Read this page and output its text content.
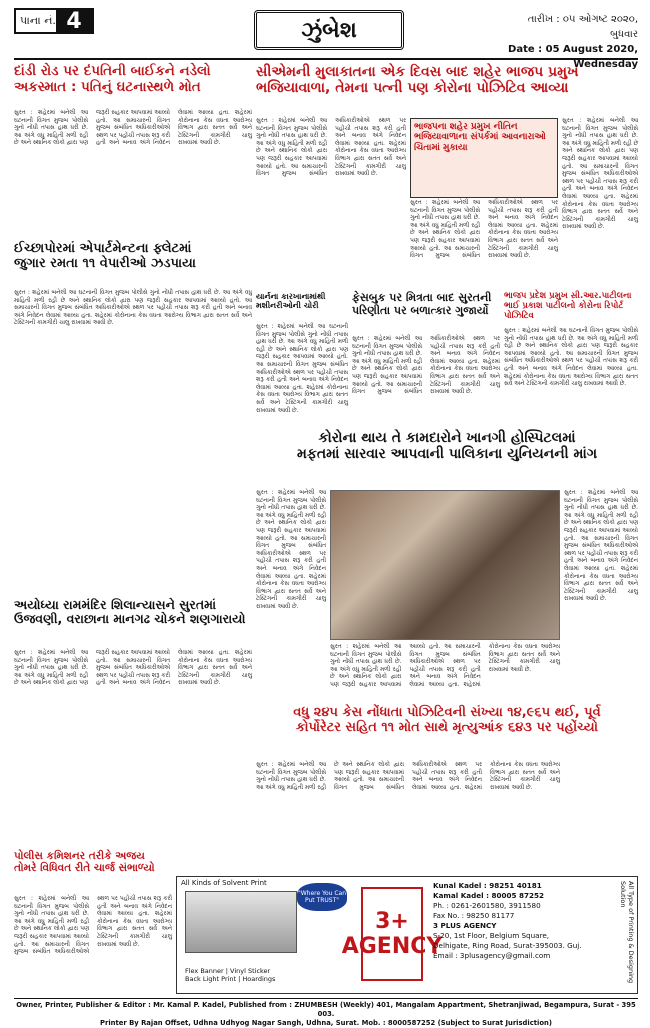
પાના નં. 4	ઝુંબેશ	તારીખ : ૦૫ ઓગષ્ટ ૨૦૨૦, બુધવાર
Date : 05 August 2020, Wednesday
દાંડી રોડ પર દંપતિની બાઈકને નડેલો
અકસ્માત : પતિનું ઘટનાસ્થળે મોત
સુરત : શહેરમાં બનેલી આ ઘટનાની વિગત મુજબ પોલીસે ગુનો નોંધી તપાસ હાથ ધરી છે. આ અંગે વધુ માહિતી મળી રહી છે અને સ્થાનિક લોકો દ્વારા પણ જરૂરી સહકાર આપવામાં આવ્યો હતો. આ સમાચારની વિગત મુજબ સંબંધિત અધિકારીઓએ સ્થળ પર પહોંચી તપાસ શરૂ કરી હતી અને બનાવ અંગે નિવેદન લેવામાં આવ્યા હતા. શહેરમાં કોરોનાના કેસ વધતા આરોગ્ય વિભાગ દ્વારા સતત સર્વે અને ટેસ્ટિંગની કામગીરી ચાલુ રાખવામાં આવી છે.
સીએમની મુલાકાતના એક દિવસ બાદ શહેર ભાજપ પ્રમુખ
ભજિયાવાળા, તેમના પત્ની પણ કોરોના પોઝિટિવ આવ્યા
સુરત : શહેરમાં બનેલી આ ઘટનાની વિગત મુજબ પોલીસે ગુનો નોંધી તપાસ હાથ ધરી છે. આ અંગે વધુ માહિતી મળી રહી છે અને સ્થાનિક લોકો દ્વારા પણ જરૂરી સહકાર આપવામાં આવ્યો હતો. આ સમાચારની વિગત મુજબ સંબંધિત અધિકારીઓએ સ્થળ પર પહોંચી તપાસ શરૂ કરી હતી અને બનાવ અંગે નિવેદન લેવામાં આવ્યા હતા. શહેરમાં કોરોનાના કેસ વધતા આરોગ્ય વિભાગ દ્વારા સતત સર્વે અને ટેસ્ટિંગની કામગીરી ચાલુ રાખવામાં આવી છે.
ભાજપના શહેર પ્રમુખ નીતિન ભજિયાવાળાના સંપર્કમાં આવનારાઓ ચિંતામાં મુકાયા
સુરત : શહેરમાં બનેલી આ ઘટનાની વિગત મુજબ પોલીસે ગુનો નોંધી તપાસ હાથ ધરી છે. આ અંગે વધુ માહિતી મળી રહી છે અને સ્થાનિક લોકો દ્વારા પણ જરૂરી સહકાર આપવામાં આવ્યો હતો. આ સમાચારની વિગત મુજબ સંબંધિત અધિકારીઓએ સ્થળ પર પહોંચી તપાસ શરૂ કરી હતી અને બનાવ અંગે નિવેદન લેવામાં આવ્યા હતા. શહેરમાં કોરોનાના કેસ વધતા આરોગ્ય વિભાગ દ્વારા સતત સર્વે અને ટેસ્ટિંગની કામગીરી ચાલુ રાખવામાં આવી છે.
સુરત : શહેરમાં બનેલી આ ઘટનાની વિગત મુજબ પોલીસે ગુનો નોંધી તપાસ હાથ ધરી છે. આ અંગે વધુ માહિતી મળી રહી છે અને સ્થાનિક લોકો દ્વારા પણ જરૂરી સહકાર આપવામાં આવ્યો હતો. આ સમાચારની વિગત મુજબ સંબંધિત અધિકારીઓએ સ્થળ પર પહોંચી તપાસ શરૂ કરી હતી અને બનાવ અંગે નિવેદન લેવામાં આવ્યા હતા. શહેરમાં કોરોનાના કેસ વધતા આરોગ્ય વિભાગ દ્વારા સતત સર્વે અને ટેસ્ટિંગની કામગીરી ચાલુ રાખવામાં આવી છે.
ઈચ્છાપોરમાં એપાર્ટમેન્ટના ફ્લેટમાં
જુગાર રમતા ૧૧ વેપારીઓ ઝડપાયા
સુરત : શહેરમાં બનેલી આ ઘટનાની વિગત મુજબ પોલીસે ગુનો નોંધી તપાસ હાથ ધરી છે. આ અંગે વધુ માહિતી મળી રહી છે અને સ્થાનિક લોકો દ્વારા પણ જરૂરી સહકાર આપવામાં આવ્યો હતો. આ સમાચારની વિગત મુજબ સંબંધિત અધિકારીઓએ સ્થળ પર પહોંચી તપાસ શરૂ કરી હતી અને બનાવ અંગે નિવેદન લેવામાં આવ્યા હતા. શહેરમાં કોરોનાના કેસ વધતા આરોગ્ય વિભાગ દ્વારા સતત સર્વે અને ટેસ્ટિંગની કામગીરી ચાલુ રાખવામાં આવી છે.
યાર્નના કારખાનામાંથી
મશીનરીઓની ચોરી
સુરત : શહેરમાં બનેલી આ ઘટનાની વિગત મુજબ પોલીસે ગુનો નોંધી તપાસ હાથ ધરી છે. આ અંગે વધુ માહિતી મળી રહી છે અને સ્થાનિક લોકો દ્વારા પણ જરૂરી સહકાર આપવામાં આવ્યો હતો. આ સમાચારની વિગત મુજબ સંબંધિત અધિકારીઓએ સ્થળ પર પહોંચી તપાસ શરૂ કરી હતી અને બનાવ અંગે નિવેદન લેવામાં આવ્યા હતા. શહેરમાં કોરોનાના કેસ વધતા આરોગ્ય વિભાગ દ્વારા સતત સર્વે અને ટેસ્ટિંગની કામગીરી ચાલુ રાખવામાં આવી છે.
ફેસબુક પર મિત્રતા બાદ સુરતની
પરિણીતા પર બળાત્કાર ગુજાર્યો
સુરત : શહેરમાં બનેલી આ ઘટનાની વિગત મુજબ પોલીસે ગુનો નોંધી તપાસ હાથ ધરી છે. આ અંગે વધુ માહિતી મળી રહી છે અને સ્થાનિક લોકો દ્વારા પણ જરૂરી સહકાર આપવામાં આવ્યો હતો. આ સમાચારની વિગત મુજબ સંબંધિત અધિકારીઓએ સ્થળ પર પહોંચી તપાસ શરૂ કરી હતી અને બનાવ અંગે નિવેદન લેવામાં આવ્યા હતા. શહેરમાં કોરોનાના કેસ વધતા આરોગ્ય વિભાગ દ્વારા સતત સર્વે અને ટેસ્ટિંગની કામગીરી ચાલુ રાખવામાં આવી છે.
ભાજપ પ્રદેશ પ્રમુખ સી.આર.પાટીલના
ભાઈ પ્રકાશ પાટીલનો કોરોના રિપોર્ટ પોઝિટિવ
સુરત : શહેરમાં બનેલી આ ઘટનાની વિગત મુજબ પોલીસે ગુનો નોંધી તપાસ હાથ ધરી છે. આ અંગે વધુ માહિતી મળી રહી છે અને સ્થાનિક લોકો દ્વારા પણ જરૂરી સહકાર આપવામાં આવ્યો હતો. આ સમાચારની વિગત મુજબ સંબંધિત અધિકારીઓએ સ્થળ પર પહોંચી તપાસ શરૂ કરી હતી અને બનાવ અંગે નિવેદન લેવામાં આવ્યા હતા. શહેરમાં કોરોનાના કેસ વધતા આરોગ્ય વિભાગ દ્વારા સતત સર્વે અને ટેસ્ટિંગની કામગીરી ચાલુ રાખવામાં આવી છે.
કોરોના થાય તે કામદારોને ખાનગી હોસ્પિટલમાં
મફતમાં સારવાર આપવાની પાલિકાના યુનિયનની માંગ
સુરત : શહેરમાં બનેલી આ ઘટનાની વિગત મુજબ પોલીસે ગુનો નોંધી તપાસ હાથ ધરી છે. આ અંગે વધુ માહિતી મળી રહી છે અને સ્થાનિક લોકો દ્વારા પણ જરૂરી સહકાર આપવામાં આવ્યો હતો. આ સમાચારની વિગત મુજબ સંબંધિત અધિકારીઓએ સ્થળ પર પહોંચી તપાસ શરૂ કરી હતી અને બનાવ અંગે નિવેદન લેવામાં આવ્યા હતા. શહેરમાં કોરોનાના કેસ વધતા આરોગ્ય વિભાગ દ્વારા સતત સર્વે અને ટેસ્ટિંગની કામગીરી ચાલુ રાખવામાં આવી છે.
સુરત : શહેરમાં બનેલી આ ઘટનાની વિગત મુજબ પોલીસે ગુનો નોંધી તપાસ હાથ ધરી છે. આ અંગે વધુ માહિતી મળી રહી છે અને સ્થાનિક લોકો દ્વારા પણ જરૂરી સહકાર આપવામાં આવ્યો હતો. આ સમાચારની વિગત મુજબ સંબંધિત અધિકારીઓએ સ્થળ પર પહોંચી તપાસ શરૂ કરી હતી અને બનાવ અંગે નિવેદન લેવામાં આવ્યા હતા. શહેરમાં કોરોનાના કેસ વધતા આરોગ્ય વિભાગ દ્વારા સતત સર્વે અને ટેસ્ટિંગની કામગીરી ચાલુ રાખવામાં આવી છે.
સુરત : શહેરમાં બનેલી આ ઘટનાની વિગત મુજબ પોલીસે ગુનો નોંધી તપાસ હાથ ધરી છે. આ અંગે વધુ માહિતી મળી રહી છે અને સ્થાનિક લોકો દ્વારા પણ જરૂરી સહકાર આપવામાં આવ્યો હતો. આ સમાચારની વિગત મુજબ સંબંધિત અધિકારીઓએ સ્થળ પર પહોંચી તપાસ શરૂ કરી હતી અને બનાવ અંગે નિવેદન લેવામાં આવ્યા હતા. શહેરમાં કોરોનાના કેસ વધતા આરોગ્ય વિભાગ દ્વારા સતત સર્વે અને ટેસ્ટિંગની કામગીરી ચાલુ રાખવામાં આવી છે.
અયોધ્યા રામમંદિર શિલાન્યાસને સુરતમાં
ઉજવણી, વરાછાના માનગઢ ચોકને શણગારાયો
સુરત : શહેરમાં બનેલી આ ઘટનાની વિગત મુજબ પોલીસે ગુનો નોંધી તપાસ હાથ ધરી છે. આ અંગે વધુ માહિતી મળી રહી છે અને સ્થાનિક લોકો દ્વારા પણ જરૂરી સહકાર આપવામાં આવ્યો હતો. આ સમાચારની વિગત મુજબ સંબંધિત અધિકારીઓએ સ્થળ પર પહોંચી તપાસ શરૂ કરી હતી અને બનાવ અંગે નિવેદન લેવામાં આવ્યા હતા. શહેરમાં કોરોનાના કેસ વધતા આરોગ્ય વિભાગ દ્વારા સતત સર્વે અને ટેસ્ટિંગની કામગીરી ચાલુ રાખવામાં આવી છે.
વધુ ૨૪૫ કેસ નોંધાતા પોઝિટિવની સંખ્યા ૧૪,૯૬૫ થઈ, પૂર્વ
કોર્પોરેટર સહિત ૧૧ મોત સાથે મૃત્યુઆંક ૬૪૩ પર પહોંચ્યો
સુરત : શહેરમાં બનેલી આ ઘટનાની વિગત મુજબ પોલીસે ગુનો નોંધી તપાસ હાથ ધરી છે. આ અંગે વધુ માહિતી મળી રહી છે અને સ્થાનિક લોકો દ્વારા પણ જરૂરી સહકાર આપવામાં આવ્યો હતો. આ સમાચારની વિગત મુજબ સંબંધિત અધિકારીઓએ સ્થળ પર પહોંચી તપાસ શરૂ કરી હતી અને બનાવ અંગે નિવેદન લેવામાં આવ્યા હતા. શહેરમાં કોરોનાના કેસ વધતા આરોગ્ય વિભાગ દ્વારા સતત સર્વે અને ટેસ્ટિંગની કામગીરી ચાલુ રાખવામાં આવી છે.
પોલીસ કમિશનર તરીકે અજય
તોમરે વિધિવત રીતે ચાર્જ સંભાળ્યો
સુરત : શહેરમાં બનેલી આ ઘટનાની વિગત મુજબ પોલીસે ગુનો નોંધી તપાસ હાથ ધરી છે. આ અંગે વધુ માહિતી મળી રહી છે અને સ્થાનિક લોકો દ્વારા પણ જરૂરી સહકાર આપવામાં આવ્યો હતો. આ સમાચારની વિગત મુજબ સંબંધિત અધિકારીઓએ સ્થળ પર પહોંચી તપાસ શરૂ કરી હતી અને બનાવ અંગે નિવેદન લેવામાં આવ્યા હતા. શહેરમાં કોરોનાના કેસ વધતા આરોગ્ય વિભાગ દ્વારા સતત સર્વે અને ટેસ્ટિંગની કામગીરી ચાલુ રાખવામાં આવી છે.
All Kinds of Solvent Print
"Where You Can Put TRUST"
Flex Banner | Vinyl Sticker
Back Light Print | Hoardings
3+ AGENCY
Kunal Kadel : 98251 40181
Kamal Kadel : 80005 87252
Ph. : 0261-2601580, 3911580
Fax No. : 98250 81177
3 PLUS AGENCY
S-20, 1st Floor, Belgium Square,
Delhigate, Ring Road, Surat-395003. Guj.
Email : 3plusagency@gmail.com	All Type of Printing & Designing Solution
Owner, Printer, Publisher & Editor : Mr. Kamal P. Kadel, Published from : ZHUMBESH (Weekly) 401, Mangalam Appartment, Shetranjiwad, Begampura, Surat - 395 003.
Printer By Rajan Offset, Udhna Udhyog Nagar Sangh, Udhna, Surat. Mob. : 8000587252 (Subject to Surat Jurisdiction)
